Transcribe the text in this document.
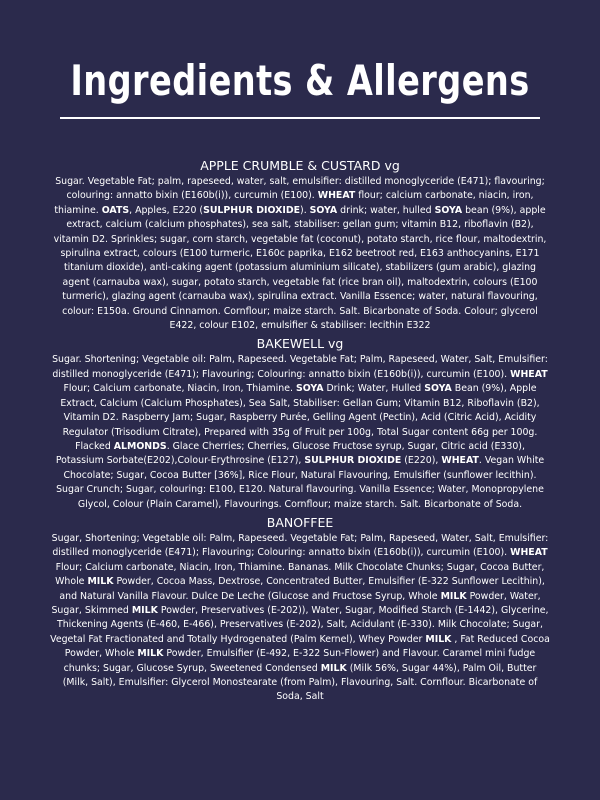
Ingredients & Allergens

APPLE CRUMBLE & CUSTARD vg

Sugar. Vegetable Fat; palm, rapeseed, water, salt, emulsifier: distilled monoglyceride (E471); flavouring; colouring: annatto bixin (E160b(i)), curcumin (E100). WHEAT flour; calcium carbonate, niacin, iron, thiamine. OATS, Apples, E220 (SULPHUR DIOXIDE). SOYA drink; water, hulled SOYA bean (9%), apple extract, calcium (calcium phosphates), sea salt, stabiliser: gellan gum; vitamin B12, riboflavin (B2), vitamin D2. Sprinkles; sugar, corn starch, vegetable fat (coconut), potato starch, rice flour, maltodextrin, spirulina extract, colours (E100 turmeric, E160c paprika, E162 beetroot red, E163 anthocyanins, E171 titanium dioxide), anti-caking agent (potassium aluminium silicate), stabilizers (gum arabic), glazing agent (carnauba wax), sugar, potato starch, vegetable fat (rice bran oil), maltodextrin, colours (E100 turmeric), glazing agent (carnauba wax), spirulina extract. Vanilla Essence; water, natural flavouring, colour: E150a. Ground Cinnamon. Cornflour; maize starch. Salt. Bicarbonate of Soda. Colour; glycerol E422, colour E102, emulsifier & stabiliser: lecithin E322

BAKEWELL vg

Sugar. Shortening; Vegetable oil: Palm, Rapeseed. Vegetable Fat; Palm, Rapeseed, Water, Salt, Emulsifier: distilled monoglyceride (E471); Flavouring; Colouring: annatto bixin (E160b(i)), curcumin (E100). WHEAT Flour; Calcium carbonate, Niacin, Iron, Thiamine. SOYA Drink; Water, Hulled SOYA Bean (9%), Apple Extract, Calcium (Calcium Phosphates), Sea Salt, Stabiliser: Gellan Gum; Vitamin B12, Riboflavin (B2), Vitamin D2. Raspberry Jam; Sugar, Raspberry Purée, Gelling Agent (Pectin), Acid (Citric Acid), Acidity Regulator (Trisodium Citrate), Prepared with 35g of Fruit per 100g, Total Sugar content 66g per 100g. Flacked ALMONDS. Glace Cherries; Cherries, Glucose Fructose syrup, Sugar, Citric acid (E330), Potassium Sorbate(E202),Colour-Erythrosine (E127), SULPHUR DIOXIDE (E220), WHEAT. Vegan White Chocolate; Sugar, Cocoa Butter [36%], Rice Flour, Natural Flavouring, Emulsifier (sunflower lecithin). Sugar Crunch; Sugar, colouring: E100, E120. Natural flavouring. Vanilla Essence; Water, Monopropylene Glycol, Colour (Plain Caramel), Flavourings. Cornflour; maize starch. Salt. Bicarbonate of Soda.

BANOFFEE

Sugar, Shortening; Vegetable oil: Palm, Rapeseed. Vegetable Fat; Palm, Rapeseed, Water, Salt, Emulsifier: distilled monoglyceride (E471); Flavouring; Colouring: annatto bixin (E160b(i)), curcumin (E100). WHEAT Flour; Calcium carbonate, Niacin, Iron, Thiamine. Bananas. Milk Chocolate Chunks; Sugar, Cocoa Butter, Whole MILK Powder, Cocoa Mass, Dextrose, Concentrated Butter, Emulsifier (E-322 Sunflower Lecithin), and Natural Vanilla Flavour. Dulce De Leche (Glucose and Fructose Syrup, Whole MILK Powder, Water, Sugar, Skimmed MILK Powder, Preservatives (E-202)), Water, Sugar, Modified Starch (E-1442), Glycerine, Thickening Agents (E-460, E-466), Preservatives (E-202), Salt, Acidulant (E-330). Milk Chocolate; Sugar, Vegetal Fat Fractionated and Totally Hydrogenated (Palm Kernel), Whey Powder MILK , Fat Reduced Cocoa Powder, Whole MILK Powder, Emulsifier (E-492, E-322 Sun-Flower) and Flavour. Caramel mini fudge chunks; Sugar, Glucose Syrup, Sweetened Condensed MILK (Milk 56%, Sugar 44%), Palm Oil, Butter (Milk, Salt), Emulsifier: Glycerol Monostearate (from Palm), Flavouring, Salt. Cornflour. Bicarbonate of Soda, Salt
